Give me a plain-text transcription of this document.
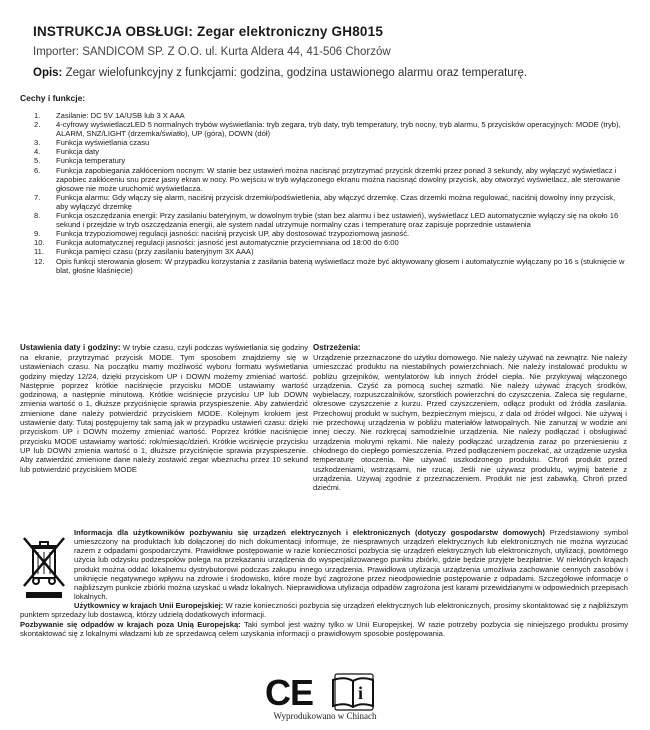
INSTRUKCJA OBSŁUGI: Zegar elektroniczny GH8015
Importer: SANDICOM SP. Z O.O. ul. Kurta Aldera 44, 41-506 Chorzów
Opis: Zegar wielofunkcyjny z funkcjami: godzina, godzina ustawionego alarmu oraz temperaturę.
Cechy i funkcje:
1.	Zasilanie: DC 5V 1A/USB lub 3 X AAA
2.	4-cyfrowy wyświetlaczLED 5 normalnych trybów wyświetlania: tryb zegara, tryb daty, tryb temperatury, tryb nocny, tryb alarmu, 5 przycisków operacyjnych: MODE (tryb), ALARM, SNZ/LIGHT (drzemka/światło), UP (góra), DOWN (dół)
3.	Funkcja wyświetlania czasu
4.	Funkcja daty
5.	Funkcja temperatury
6.	Funkcja zapobiegania zakłóceniom nocnym: W stanie bez ustawień można nacisnąć przytrzymać przycisk drzemki przez ponad 3 sekundy, aby wyłączyć wyświetlacz i zapobiec zakłóceniu snu przez jasny ekran w nocy. Po wejściu w tryb wyłączonego ekranu można nacisnąć dowolny przycisk, aby otworzyć wyświetlacz, ale sterowanie głosowe nie może uruchomić wyświetlacza.
7.	Funkcja alarmu: Gdy włączy się alarm, naciśnij przycisk drzemki/podświetlenia, aby włączyć drzemkę. Czas drzemki można regulować, naciśnij dowolny inny przycisk, aby wyłączyć drzemkę
8.	Funkcja oszczędzania energii: Przy zasilaniu bateryjnym, w dowolnym trybie (stan bez alarmu i bez ustawień), wyświetlacz LED automatycznie wyłączy się na około 16 sekund i przejdzie w tryb oszczędzania energii, ale system nadal utrzymuje normalny czas i temperaturę oraz zapisuje poprzednie ustawienia
9.	Funkcja trzypoziomowej regulacji jasności: naciśnij przycisk UP, aby dostosować trzypoziomową jasność.
10.	Funkcja automatycznej regulacji jasności: jasność jest automatycznie przyciemniana od 18:00 do 6:00
11.	Funkcja pamięci czasu (przy zasilaniu bateryjnym 3X AAA)
12.	Opis funkcji sterowania głosem: W przypadku korzystania z zasilania baterią wyświetlacz może być aktywowany głosem i automatycznie wyłączany po 16 s (stuknięcie w blat, głośne klaśnięcie)
Ustawienia daty i godziny: W trybie czasu, czyli podczas wyświetlania się godziny na ekranie, przytrzymać przycisk MODE. Tym sposobem znajdziemy się w ustawieniach czasu. Na początku mamy możliwość wyboru formatu wyświetlania godziny między 12/24, dzięki przyciskom UP i DOWN możemy zmieniać wartość. Następnie poprzez krótkie naciśnięcie przycisku MODE ustawiamy wartość godzinową, a następnie minutową. Krótkie wciśnięcie przycisku UP lub DOWN zmienia wartość o 1, dłuższe przyciśnięcie sprawia przyspieszenie. Aby zatwierdzić zmienione dane należy potwierdzić przyciskiem MODE. Kolejnym krokiem jest ustawienie daty. Tutaj postępujemy tak samą jak w przypadku ustawień czasu: dzięki przyciskom UP i DOWN możemy zmieniać wartość. Poprzez krótkie naciśnięcie przycisku MODE ustawiamy wartość: rok/miesiąc/dzień. Krótkie wciśnięcie przycisku UP lub DOWN zmienia wartość o 1, dłuższe przyciśnięcie sprawia przyspieszenie. Aby zatwierdzić zmienione dane należy zostawić zegar wbezruchu przez 10 sekund lub potwierdzić przyciskiem MODE
Ostrzeżenia:
Urządzenie przeznaczone do użytku domowego. Nie należy używać na zewnątrz. Nie należy umieszczać produktu na niestabilnych powierzchniach. Nie należy instalować produktu w pobliżu grzejników, wentylatorów lub innych źródeł ciepła. Nie przykrywaj włączonego urządzenia. Czyść za pomocą suchej szmatki. Nie należy używać żrących środków, wybielaczy, rozpuszczalników, szorstkich powierzchni do czyszczenia. Zaleca się regularne, okresowe czyszczenie z kurzu. Przed czyszczeniem, odłącz produkt od źródła zasilania. Przechowuj produkt w suchym, bezpiecznym miejscu, z dala od źródeł wilgoci. Nie używaj i nie przechowuj urządzenia w pobliżu materiałów łatwopalnych. Nie zanurzaj w wodzie ani innej cieczy. Nie rozkręcaj samodzielnie urządzenia. Nie należy podłączać i obsługiwać urządzenia mokrymi rękami. Nie należy podłączać urządzenia zaraz po przeniesieniu z chłodnego do ciepłego pomieszczenia. Przed podłączeniem poczekać, aż urządzenie uzyska temperaturę otoczenia. Nie używać uszkodzonego produktu. Chroń produkt przed uszkodzeniami, wstrząsami, nie rzucaj. Jeśli nie używasz produktu, wyjmij baterie z urządzenia. Używaj zgodnie z przeznaczeniem. Produkt nie jest zabawką. Chroń przed dziećmi.

Informacja dla użytkowników pozbywaniu się urządzeń elektrycznych i elektronicznych (dotyczy gospodarstw domowych) Przedstawiony symbol umieszczony na produktach lub dołączonej do nich dokumentacji informuje, że niesprawnych urządzeń elektrycznych lub elektronicznych nie można wyrzucać razem z odpadami gospodarczymi. Prawidłowe postępowanie w razie konieczności pozbycia się urządzeń elektrycznych lub elektronicznych, utylizacji, powtórnego użycia lub odzysku podzespołów polega na przekazaniu urządzenia do wyspecjalizowanego punktu zbiórki, gdzie będzie przyjęte bezpłatnie. W niektórych krajach produkt można oddać lokalnemu dystrybutorowi podczas zakupu innego urządzenia. Prawidłowa utylizacja urządzenia umożliwia zachowanie cennych zasobów i uniknięcie negatywnego wpływu na zdrowie i środowisko, które może być zagrożone przez nieodpowiednie postępowanie z odpadami. Szczegółowe informacje o najbliższym punkcie zbiórki można uzyskać u władz lokalnych. Nieprawidłowa utylizacja odpadów zagrożona jest karami przewidzianymi w odpowiednich przepisach lokalnych.

Użytkownicy w krajach Unii Europejskiej: W razie konieczności pozbycia się urządzeń elektrycznych lub elektronicznych, prosimy skontaktować się z najbliższym punktem sprzedaży lub dostawcą, którzy udzielą dodatkowych informacji.

Pozbywanie się odpadów w krajach poza Unią Europejską: Taki symbol jest ważny tylko w Unii Europejskej. W razie potrzeby pozbycia się niniejszego produktu prosimy skontaktować się z lokalnymi władzami lub ze sprzedawcą celem uzyskania informacji o prawidłowym sposobie postępowania.

CE i
Wyprodukowano w Chinach
